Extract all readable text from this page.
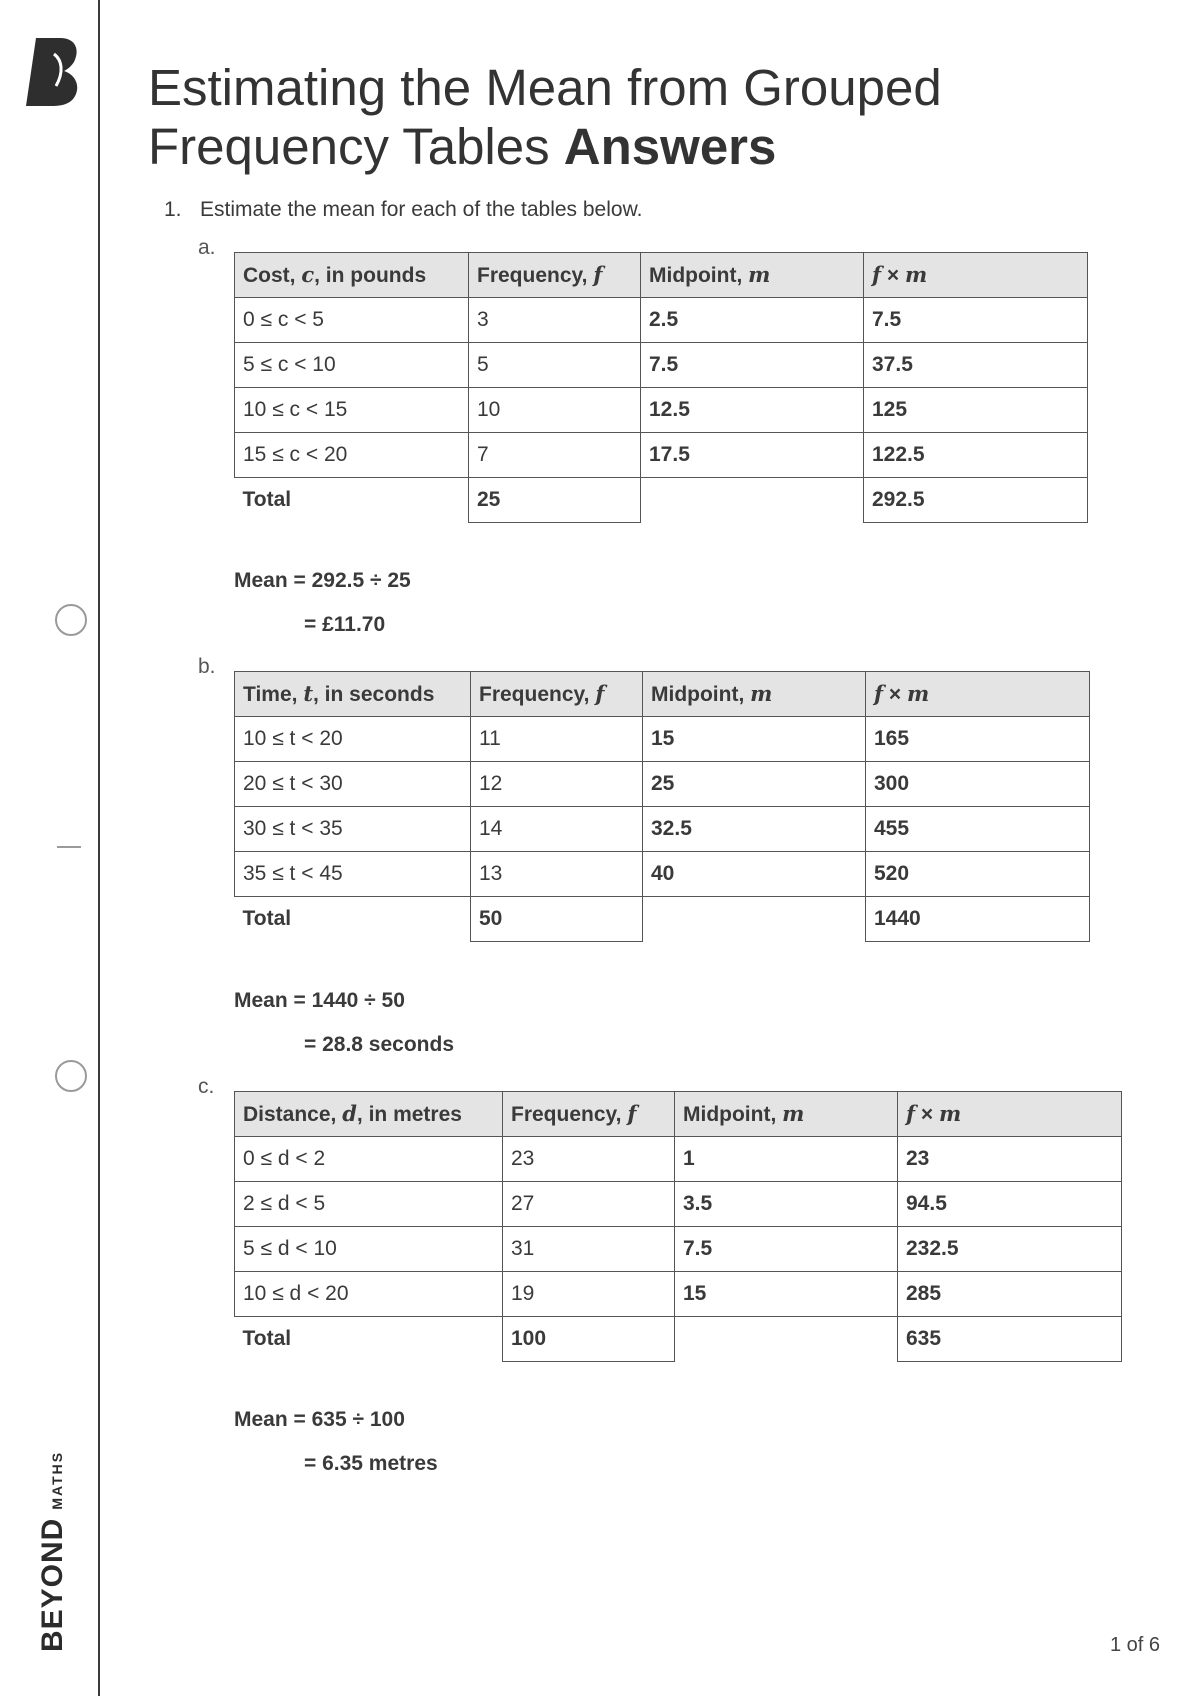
BEYONDMATHS
Estimating the Mean from Grouped Frequency Tables Answers
1. Estimate the mean for each of the tables below.
a.
Cost, c, in pounds	Frequency, f	Midpoint, m	f × m
0 ≤ c < 5	3	2.5	7.5
5 ≤ c < 10	5	7.5	37.5
10 ≤ c < 15	10	12.5	125
15 ≤ c < 20	7	17.5	122.5
Total	25		292.5
Mean = 292.5 ÷ 25
= £11.70
b.
Time, t, in seconds	Frequency, f	Midpoint, m	f × m
10 ≤ t < 20	11	15	165
20 ≤ t < 30	12	25	300
30 ≤ t < 35	14	32.5	455
35 ≤ t < 45	13	40	520
Total	50		1440
Mean = 1440 ÷ 50
= 28.8 seconds
c.
Distance, d, in metres	Frequency, f	Midpoint, m	f × m
0 ≤ d < 2	23	1	23
2 ≤ d < 5	27	3.5	94.5
5 ≤ d < 10	31	7.5	232.5
10 ≤ d < 20	19	15	285
Total	100		635
Mean = 635 ÷ 100
= 6.35 metres
1 of 6
